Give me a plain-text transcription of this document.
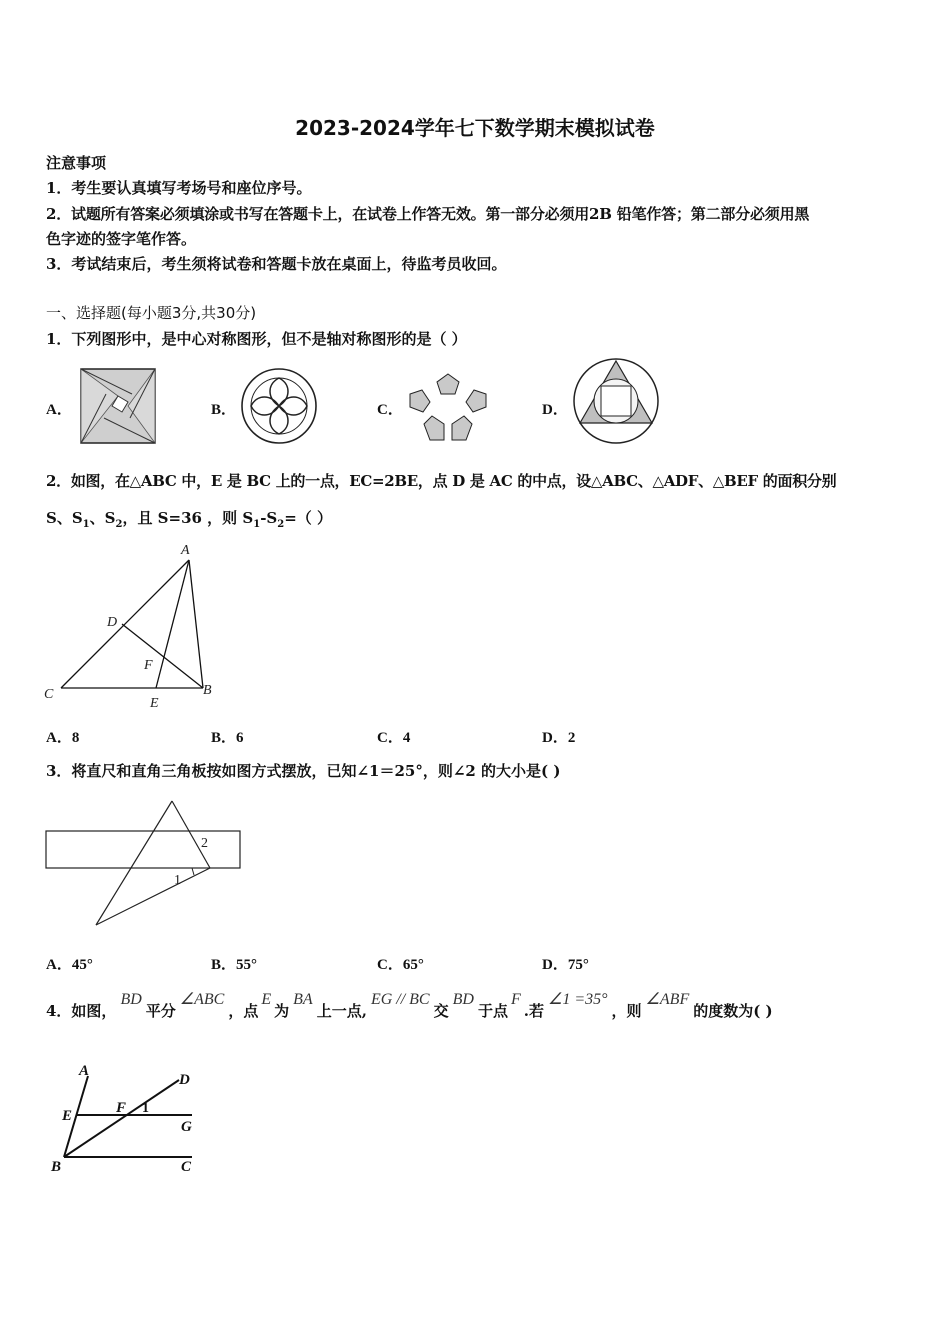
2023-2024学年七下数学期末模拟试卷
注意事项
1．考生要认真填写考场号和座位序号。
2．试题所有答案必须填涂或书写在答题卡上，在试卷上作答无效。第一部分必须用2B 铅笔作答；第二部分必须用黑
色字迹的签字笔作答。
3．考试结束后，考生须将试卷和答题卡放在桌面上，待监考员收回。
一、选择题(每小题3分,共30分)
1．下列图形中，是中心对称图形，但不是轴对称图形的是（ ）
A．	B．	C．	D．
2．如图，在△ABC 中，E 是 BC 上的一点，EC=2BE，点 D 是 AC 的中点，设△ABC、△ADF、△BEF 的面积分别
S、$S_1$、$S_2$，且 S=36 ，则 $S_1-S_2=$（ ）
A
D
F
C
E
B
A．8	B．6	C．4	D．2
3．将直尺和直角三角板按如图方式摆放，已知∠1＝25°，则∠2 的大小是( )
2
1
A．45°	B．55°	C．65°	D．75°
4．如图，BD平分∠ABC，点E为BA上一点,EG // BC交BD于点F.若∠1 =35°，则∠ABF的度数为( )
A
D
E	F 1
G
B	C
